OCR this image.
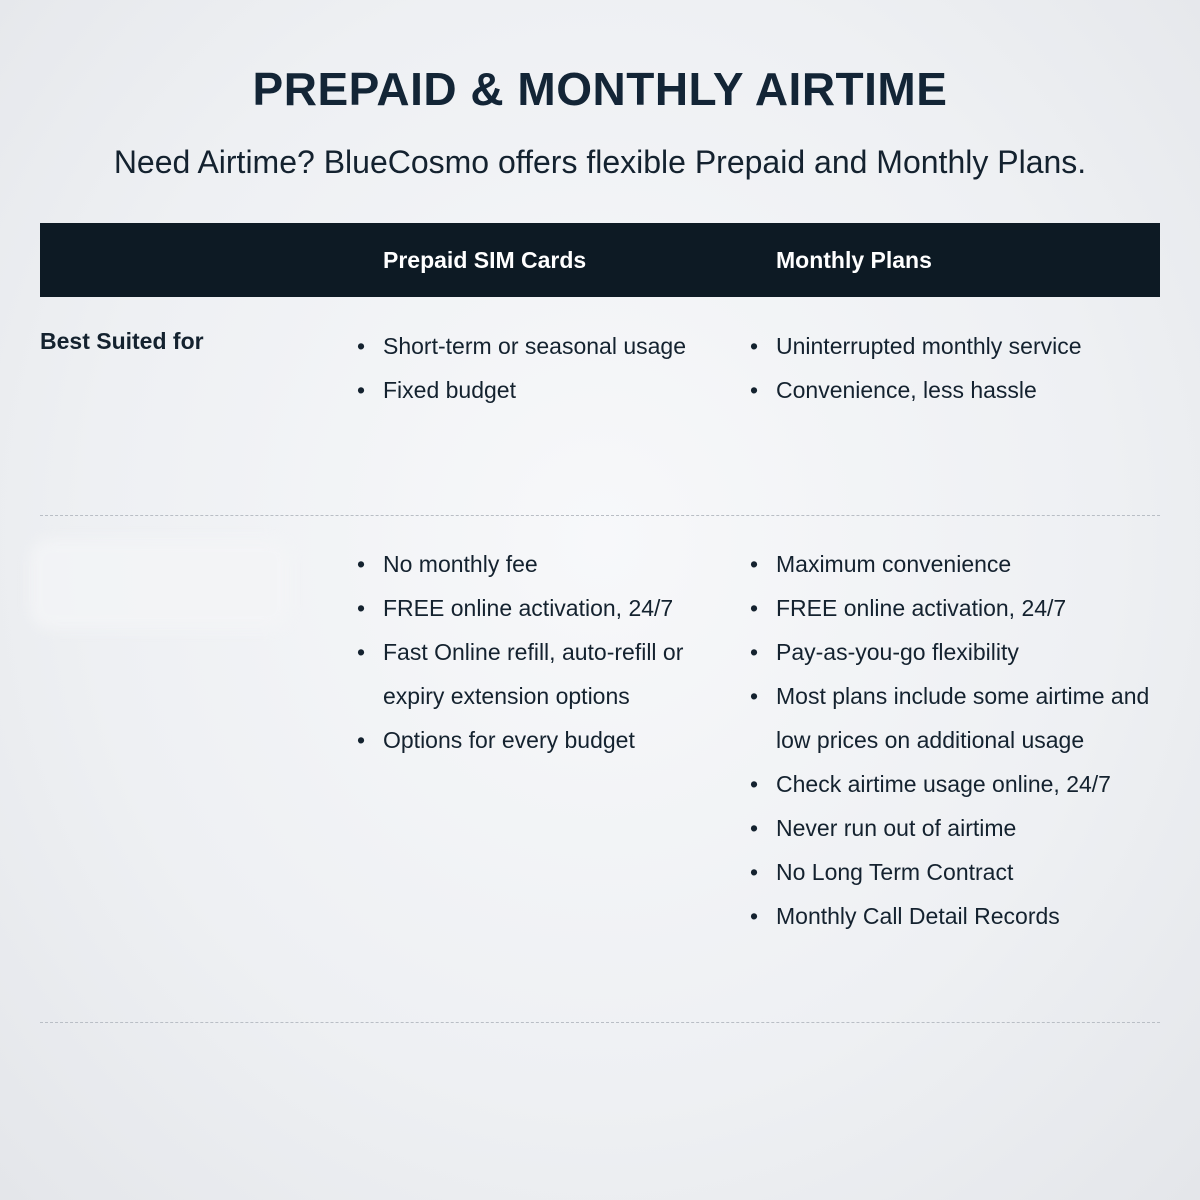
PREPAID & MONTHLY AIRTIME

Need Airtime? BlueCosmo offers flexible Prepaid and Monthly Plans.

Prepaid SIM Cards	Monthly Plans
Best Suited for
•	Short-term or seasonal usage
• Fixed budget
• Uninterrupted monthly service
• Convenience, less hassle
• No monthly fee
• FREE online activation, 24/7
• Fast Online refill, auto-refill or expiry extension options
• Options for every budget
• Maximum convenience
• FREE online activation, 24/7
• Pay-as-you-go flexibility
• Most plans include some airtime and low prices on additional usage
• Check airtime usage online, 24/7
• Never run out of airtime
• No Long Term Contract
• Monthly Call Detail Records
